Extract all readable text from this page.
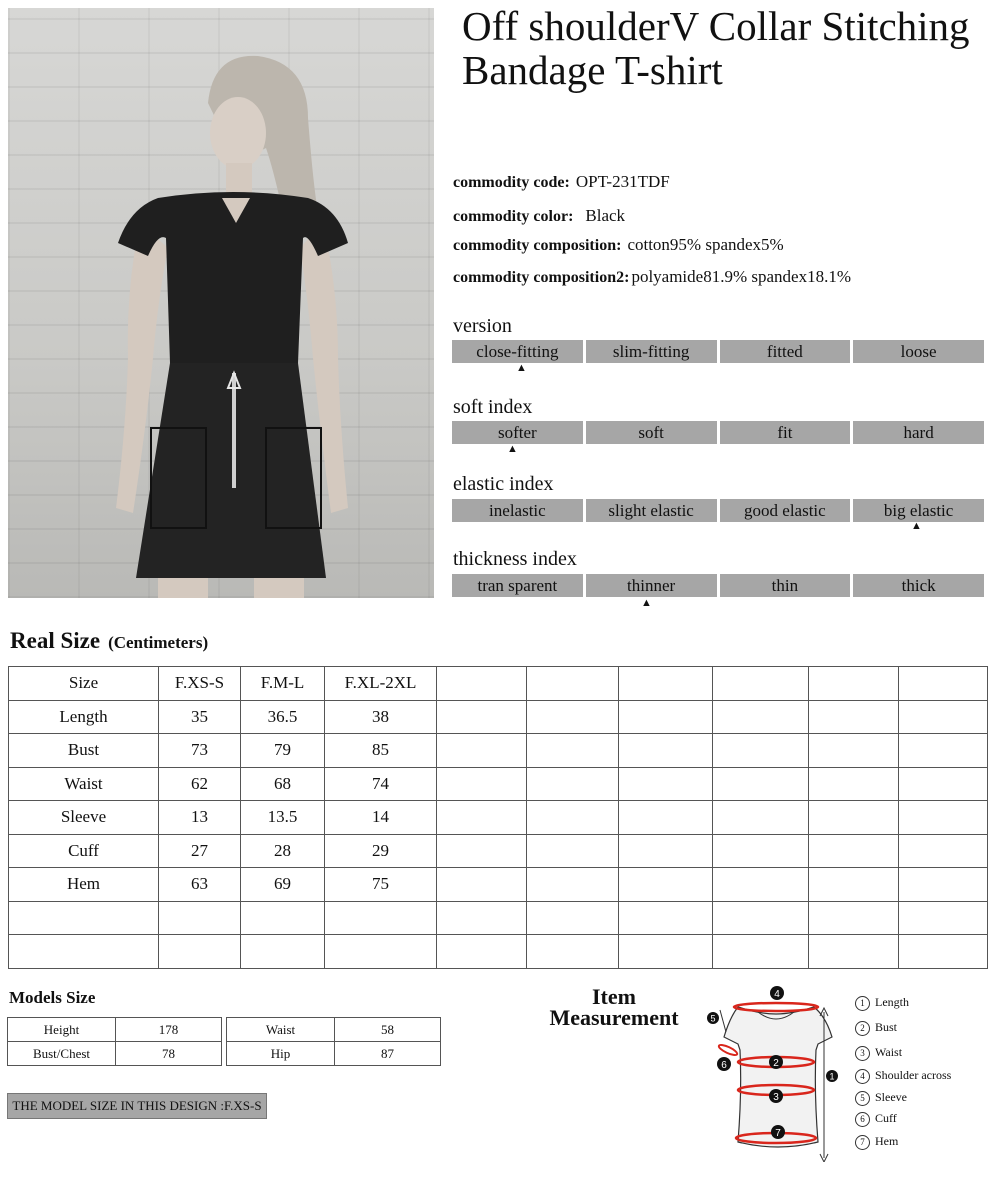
Off shoulderV Collar Stitching Bandage T-shirt
commodity code: OPT-231TDF
commodity color: Black
commodity composition: cotton95% spandex5%
commodity composition2: polyamide81.9% spandex18.1%
version
close-fitting	slim-fitting	fitted	loose
▲
soft index
softer	soft	fit	hard
▲
elastic index
inelastic	slight elastic	good elastic	big elastic
▲
thickness index
tran sparent	thinner	thin	thick
▲
Real Size (Centimeters)
Size	F.XS-S	F.M-L	F.XL-2XL						
Length	35	36.5	38						
Bust	73	79	85						
Waist	62	68	74						
Sleeve	13	13.5	14						
Cuff	27	28	29						
Hem	63	69	75						

Models Size
Height	178
Bust/Chest	78
Waist	58
Hip	87
THE MODEL SIZE IN THIS DESIGN :F.XS-S
Item
Measurement
1
2
3
4
5
6
7
1 Length
2 Bust
3 Waist
4 Shoulder across
5 Sleeve
6 Cuff
7 Hem
